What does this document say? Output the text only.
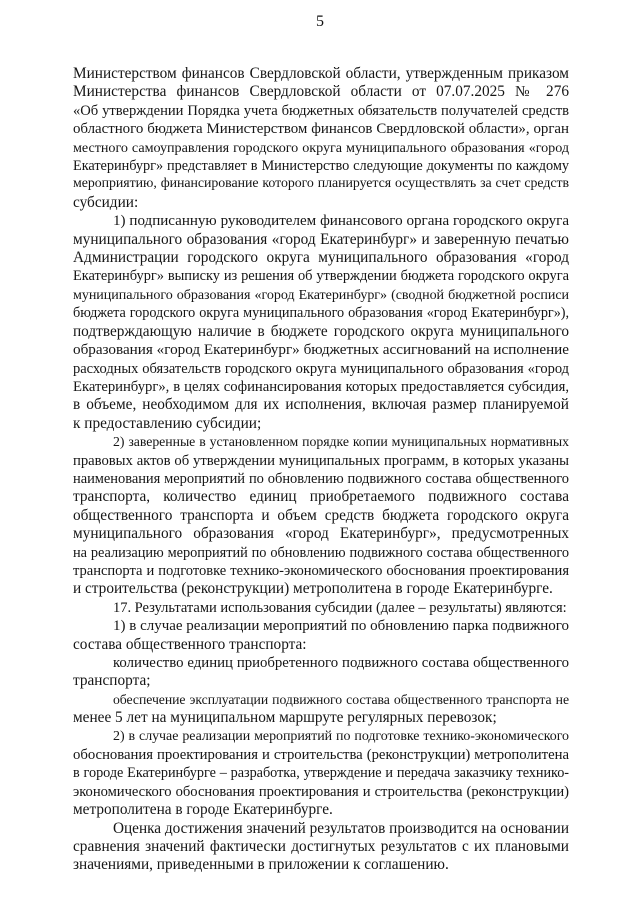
5
Министерством финансов Свердловской области, утвержденным приказом
Министерства финансов Свердловской области от 07.07.2025 № 276
«Об утверждении Порядка учета бюджетных обязательств получателей средств
областного бюджета Министерством финансов Свердловской области», орган
местного самоуправления городского округа муниципального образования «город
Екатеринбург» представляет в Министерство следующие документы по каждому
мероприятию, финансирование которого планируется осуществлять за счет средств
субсидии:
1) подписанную руководителем финансового органа городского округа
муниципального образования «город Екатеринбург» и заверенную печатью
Администрации городского округа муниципального образования «город
Екатеринбург» выписку из решения об утверждении бюджета городского округа
муниципального образования «город Екатеринбург» (сводной бюджетной росписи
бюджета городского округа муниципального образования «город Екатеринбург»),
подтверждающую наличие в бюджете городского округа муниципального
образования «город Екатеринбург» бюджетных ассигнований на исполнение
расходных обязательств городского округа муниципального образования «город
Екатеринбург», в целях софинансирования которых предоставляется субсидия,
в объеме, необходимом для их исполнения, включая размер планируемой
к предоставлению субсидии;
2) заверенные в установленном порядке копии муниципальных нормативных
правовых актов об утверждении муниципальных программ, в которых указаны
наименования мероприятий по обновлению подвижного состава общественного
транспорта, количество единиц приобретаемого подвижного состава
общественного транспорта и объем средств бюджета городского округа
муниципального образования «город Екатеринбург», предусмотренных
на реализацию мероприятий по обновлению подвижного состава общественного
транспорта и подготовке технико-экономического обоснования проектирования
и строительства (реконструкции) метрополитена в городе Екатеринбурге.
17. Результатами использования субсидии (далее – результаты) являются:
1) в случае реализации мероприятий по обновлению парка подвижного
состава общественного транспорта:
количество единиц приобретенного подвижного состава общественного
транспорта;
обеспечение эксплуатации подвижного состава общественного транспорта не
менее 5 лет на муниципальном маршруте регулярных перевозок;
2) в случае реализации мероприятий по подготовке технико-экономического
обоснования проектирования и строительства (реконструкции) метрополитена
в городе Екатеринбурге – разработка, утверждение и передача заказчику технико-
экономического обоснования проектирования и строительства (реконструкции)
метрополитена в городе Екатеринбурге.
Оценка достижения значений результатов производится на основании
сравнения значений фактически достигнутых результатов с их плановыми
значениями, приведенными в приложении к соглашению.
